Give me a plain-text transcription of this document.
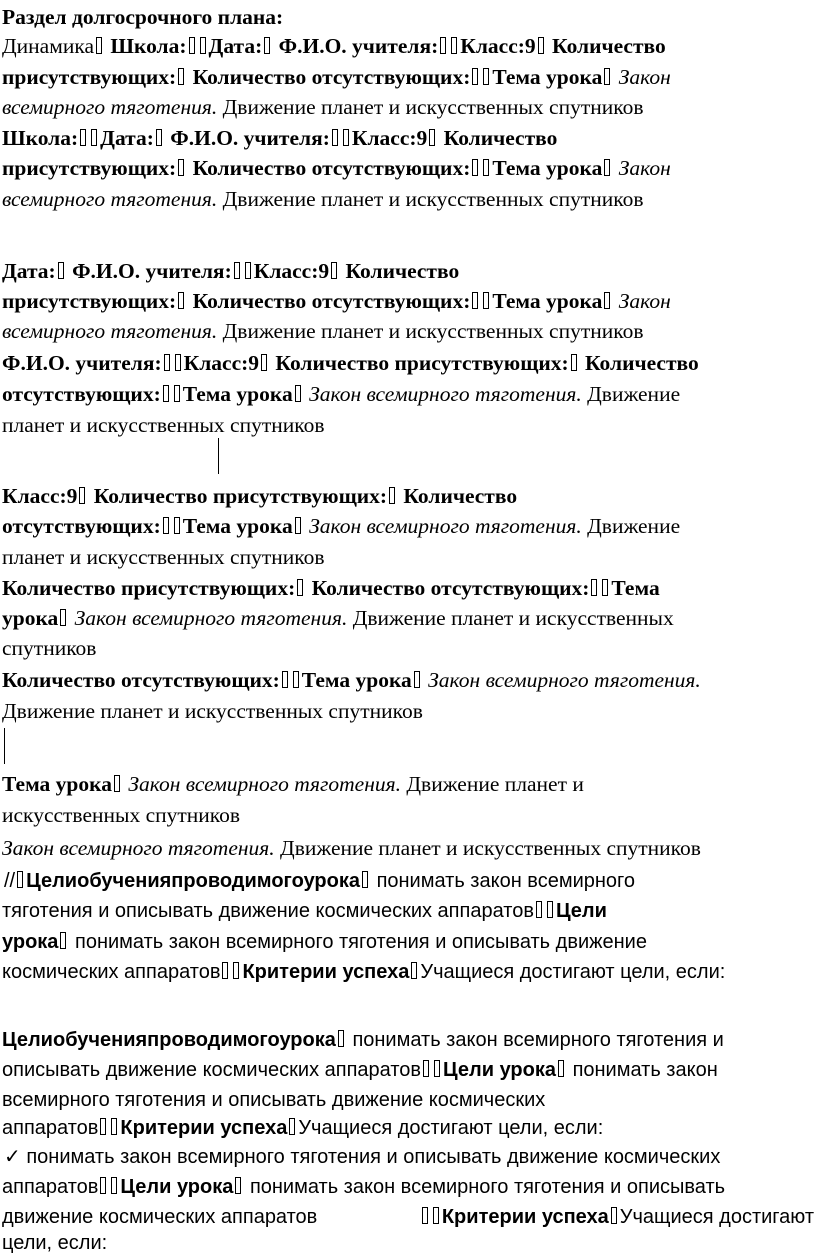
Раздел долгосрочного плана:
Динамика Школа: Дата: Ф.И.О. учителя: Класс:9 Количество
присутствующих: Количество отсутствующих: Тема урока Закон
всемирного тяготения. Движение планет и искусственных спутников
Школа: Дата: Ф.И.О. учителя: Класс:9 Количество
присутствующих: Количество отсутствующих: Тема урока Закон
всемирного тяготения. Движение планет и искусственных спутников
Дата: Ф.И.О. учителя: Класс:9 Количество
присутствующих: Количество отсутствующих: Тема урока Закон
всемирного тяготения. Движение планет и искусственных спутников
Ф.И.О. учителя: Класс:9 Количество присутствующих: Количество
отсутствующих: Тема урока Закон всемирного тяготения. Движение
планет и искусственных спутников
Класс:9 Количество присутствующих: Количество
отсутствующих: Тема урока Закон всемирного тяготения. Движение
планет и искусственных спутников
Количество присутствующих: Количество отсутствующих: Тема
урока Закон всемирного тяготения. Движение планет и искусственных
спутников
Количество отсутствующих: Тема урока Закон всемирного тяготения.
Движение планет и искусственных спутников
Тема урока Закон всемирного тяготения. Движение планет и
искусственных спутников
Закон всемирного тяготения. Движение планет и искусственных спутников
// Целиобученияпроводимогоурока понимать закон всемирного
тяготения и описывать движение космических аппаратов Цели
урока понимать закон всемирного тяготения и описывать движение
космических аппаратов Критерии успеха Учащиеся достигают цели, если:
Целиобученияпроводимогоурока понимать закон всемирного тяготения и
описывать движение космических аппаратов Цели урока понимать закон
всемирного тяготения и описывать движение космических
аппаратов Критерии успеха Учащиеся достигают цели, если:
✓ понимать закон всемирного тяготения и описывать движение космических
аппаратов Цели урока понимать закон всемирного тяготения и описывать
движение космических аппаратов	Критерии успеха Учащиеся достигают
цели, если:
